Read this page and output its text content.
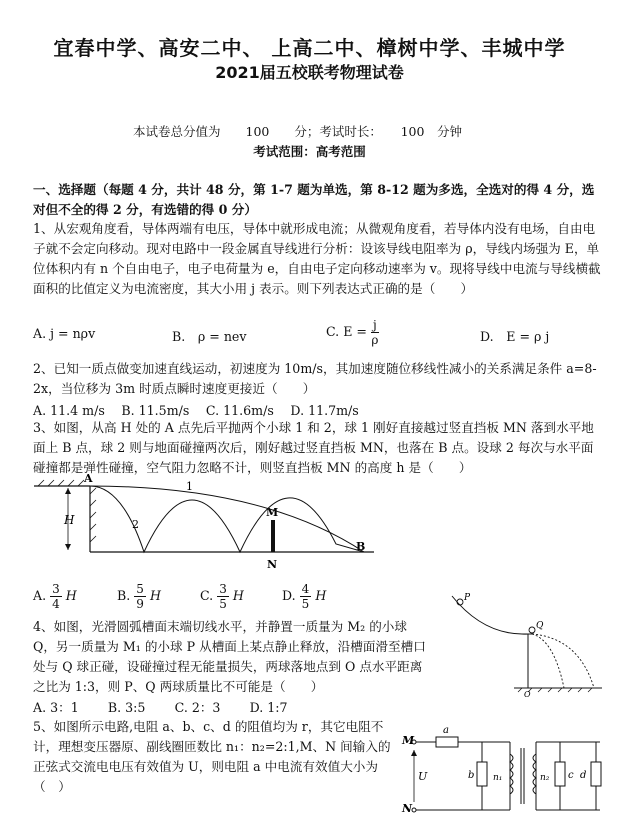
宜春中学、高安二中、 上高二中、樟树中学、丰城中学
2021届五校联考物理试卷
本试卷总分值为　　100　　分；考试时长：　　100　分钟
考试范围：高考范围
一、选择题（每题 4 分，共计 48 分，第 1-7 题为单选，第 8-12 题为多选，全选对的得 4 分，选对但不全的得 2 分，有选错的得 0 分）
1、从宏观角度看，导体两端有电压，导体中就形成电流；从微观角度看，若导体内没有电场，自由电子就不会定向移动。现对电路中一段金属直导线进行分析：设该导线电阻率为 ρ，导线内场强为 E，单位体积内有 n 个自由电子，电子电荷量为 e，自由电子定向移动速率为 v。现将导线中电流与导线横截面积的比值定义为电流密度，其大小用 j 表示。则下列表达式正确的是（　　）
A. j = nρv	B.　ρ = nev	C. $E = \frac{j}{\rho}$	D.　E = ρ j
2、已知一质点做变加速直线运动，初速度为 10m/s，其加速度随位移线性减小的关系满足条件 a=8-2x，当位移为 3m 时质点瞬时速度更接近（　　）
A. 11.4 m/s　 B. 11.5m/s　 C. 11.6m/s　 D. 11.7m/s
3、如图，从高 H 处的 A 点先后平抛两个小球 1 和 2，球 1 刚好直接越过竖直挡板 MN 落到水平地面上 B 点，球 2 则与地面碰撞两次后，刚好越过竖直挡板 MN，也落在 B 点。设球 2 每次与水平面碰撞都是弹性碰撞，空气阻力忽略不计，则竖直挡板 MN 的高度 h 是（　　）
H
A
B
M
N
1
2
A. $\frac{3}{4}$ H	B. $\frac{5}{9}$ H	C. $\frac{3}{5}$ H	D. $\frac{4}{5}$ H
4、如图，光滑圆弧槽面末端切线水平，并静置一质量为 M₂ 的小球 Q，另一质量为 M₁ 的小球 P 从槽面上某点静止释放，沿槽面滑至槽口处与 Q 球正碰，设碰撞过程无能量损失，两球落地点到 O 点水平距离之比为 1:3，则 P、Q 两球质量比不可能是（　　）
A. 3：1　　 B. 3:5　　 C. 2：3　　 D. 1:7
P
Q
O
5、如图所示电路,电阻 a、b、c、d 的阻值均为 r，其它电阻不计，理想变压器原、副线圈匝数比 n₁：n₂=2:1,M、N 间输入的正弦式交流电电压有效值为 U，则电阻 a 中电流有效值大小为（　）
M
N
U
a
b n₁	n₂ c d
